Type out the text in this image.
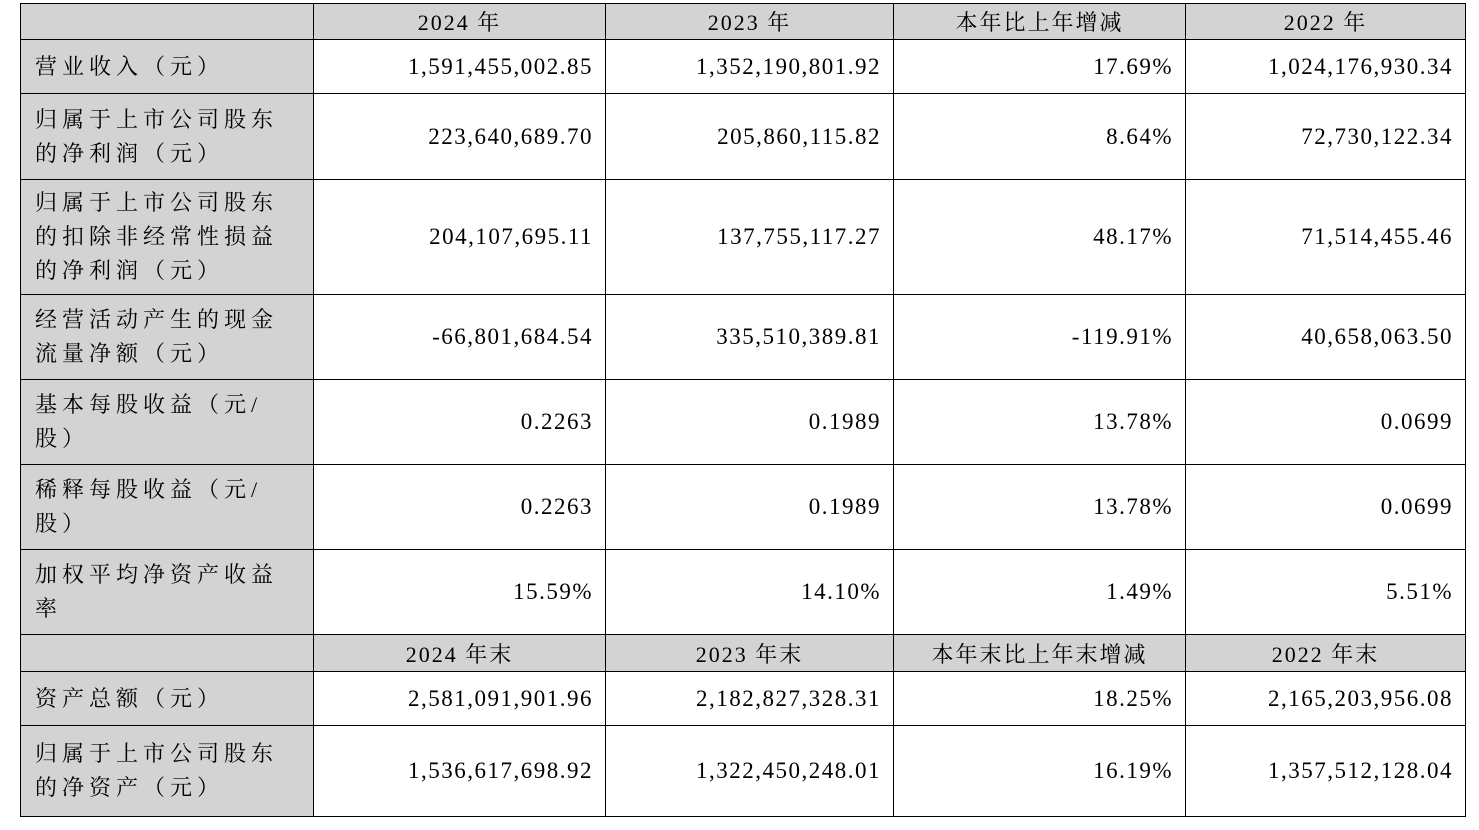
	2024 年	2023 年	本年比上年增减	2022 年
营业收入（元）	1,591,455,002.85	1,352,190,801.92	17.69%	1,024,176,930.34
归属于上市公司股东的净利润（元）	223,640,689.70	205,860,115.82	8.64%	72,730,122.34
归属于上市公司股东的扣除非经常性损益的净利润（元）	204,107,695.11	137,755,117.27	48.17%	71,514,455.46
经营活动产生的现金流量净额（元）	-66,801,684.54	335,510,389.81	-119.91%	40,658,063.50
基本每股收益（元/股）	0.2263	0.1989	13.78%	0.0699
稀释每股收益（元/股）	0.2263	0.1989	13.78%	0.0699
加权平均净资产收益率	15.59%	14.10%	1.49%	5.51%
	2024 年末	2023 年末	本年末比上年末增减	2022 年末
资产总额（元）	2,581,091,901.96	2,182,827,328.31	18.25%	2,165,203,956.08
归属于上市公司股东的净资产（元）	1,536,617,698.92	1,322,450,248.01	16.19%	1,357,512,128.04
